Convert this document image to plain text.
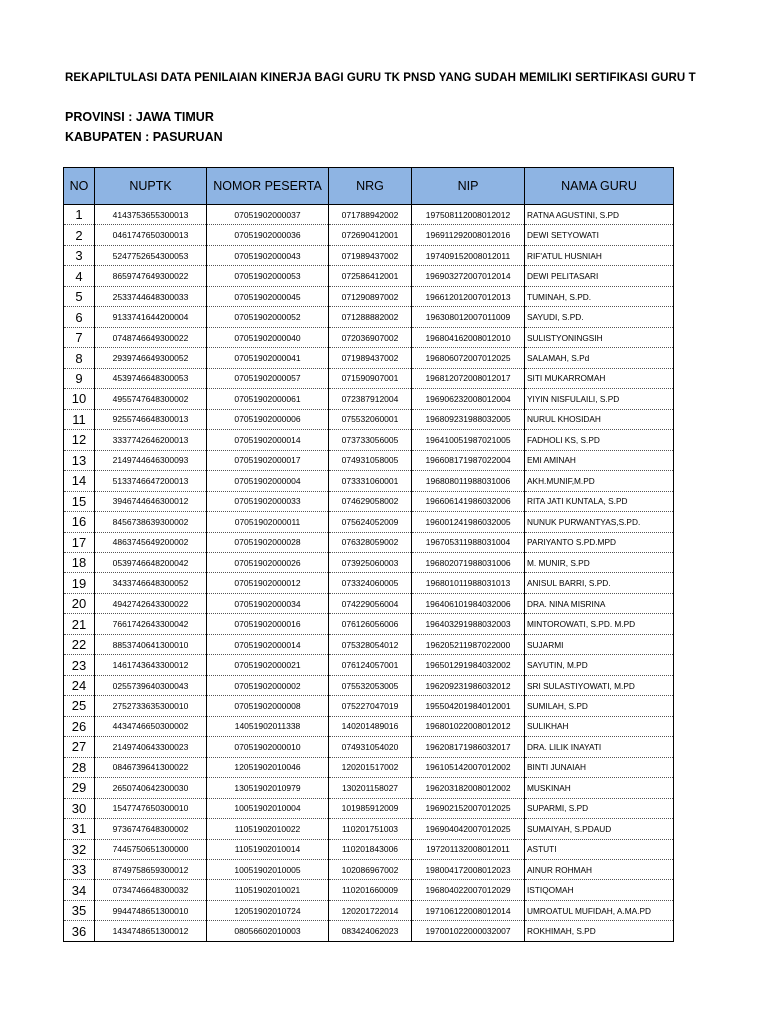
REKAPILTULASI DATA PENILAIAN KINERJA BAGI GURU TK PNSD YANG SUDAH MEMILIKI SERTIFIKASI GURU T
PROVINSI : JAWA TIMUR
KABUPATEN : PASURUAN
NO	NUPTK	NOMOR PESERTA	NRG	NIP	NAMA GURU
1	4143753655300013	07051902000037	071788942002	197508112008012012	RATNA AGUSTINI, S.PD
2	0461747650300013	07051902000036	072690412001	196911292008012016	DEWI SETYOWATI
3	5247752654300053	07051902000043	071989437002	197409152008012011	RIF'ATUL HUSNIAH
4	8659747649300022	07051902000053	072586412001	196903272007012014	DEWI PELITASARI
5	2533744648300033	07051902000045	071290897002	196612012007012013	TUMINAH, S.PD.
6	9133741644200004	07051902000052	071288882002	196308012007011009	SAYUDI, S.PD.
7	0748746649300022	07051902000040	072036907002	196804162008012010	SULISTYONINGSIH
8	2939746649300052	07051902000041	071989437002	196806072007012025	SALAMAH, S.Pd
9	4539746648300053	07051902000057	071590907001	196812072008012017	SITI MUKARROMAH
10	4955747648300002	07051902000061	072387912004	196906232008012004	YIYIN NISFULAILI, S.PD
11	9255746648300013	07051902000006	075532060001	196809231988032005	NURUL KHOSIDAH
12	3337742646200013	07051902000014	073733056005	196410051987021005	FADHOLI KS, S.PD
13	2149744646300093	07051902000017	074931058005	196608171987022004	EMI AMINAH
14	5133746647200013	07051902000004	073331060001	196808011988031006	AKH.MUNIF,M.PD
15	3946744646300012	07051902000033	074629058002	196606141986032006	RITA JATI KUNTALA, S.PD
16	8456738639300002	07051902000011	075624052009	196001241986032005	NUNUK PURWANTYAS,S.PD.
17	4863745649200002	07051902000028	076328059002	196705311988031004	PARIYANTO S.PD.MPD
18	0539746648200042	07051902000026	073925060003	196802071988031006	M. MUNIR, S.PD
19	3433746648300052	07051902000012	073324060005	196801011988031013	ANISUL BARRI, S.PD.
20	4942742643300022	07051902000034	074229056004	196406101984032006	DRA. NINA MISRINA
21	7661742643300042	07051902000016	076126056006	196403291988032003	MINTOROWATI, S.PD. M.PD
22	8853740641300010	07051902000014	075328054012	196205211987022000	SUJARMI
23	1461743643300012	07051902000021	076124057001	196501291984032002	SAYUTIN, M.PD
24	0255739640300043	07051902000002	075532053005	196209231986032012	SRI SULASTIYOWATI, M.PD
25	2752733635300010	07051902000008	075227047019	195504201984012001	SUMILAH, S.PD
26	4434746650300002	14051902011338	140201489016	196801022008012012	SULIKHAH
27	2149740643300023	07051902000010	074931054020	196208171986032017	DRA. LILIK INAYATI
28	0846739641300022	12051902010046	120201517002	196105142007012002	BINTI JUNAIAH
29	2650740642300030	13051902010979	130201158027	196203182008012002	MUSKINAH
30	1547747650300010	10051902010004	101985912009	196902152007012025	SUPARMI, S.PD
31	9736747648300002	11051902010022	110201751003	196904042007012025	SUMAIYAH, S.PDAUD
32	7445750651300000	11051902010014	110201843006	197201132008012011	ASTUTI
33	8749758659300012	10051902010005	102086967002	198004172008012023	AINUR ROHMAH
34	0734746648300032	11051902010021	110201660009	196804022007012029	ISTIQOMAH
35	9944748651300010	12051902010724	120201722014	197106122008012014	UMROATUL MUFIDAH, A.MA.PD
36	1434748651300012	08056602010003	083424062023	197001022000032007	ROKHIMAH, S.PD
